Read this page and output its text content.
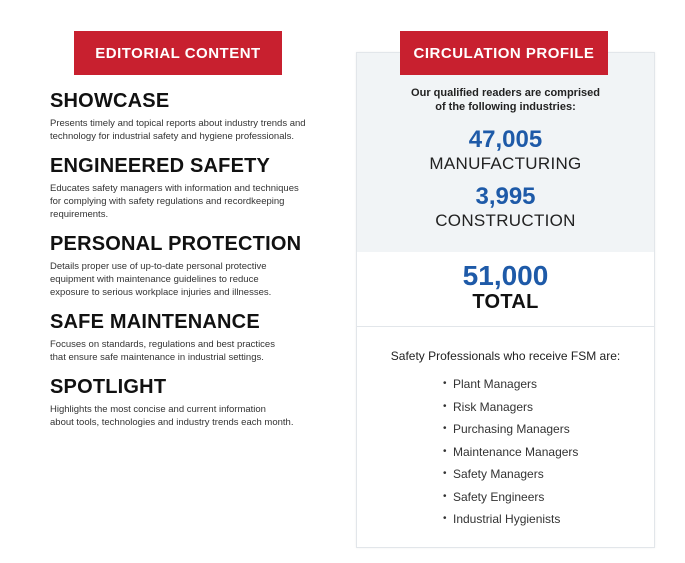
EDITORIAL CONTENT
SHOWCASE

Presents timely and topical reports about industry trends and
technology for industrial safety and hygiene professionals.

ENGINEERED SAFETY

Educates safety managers with information and techniques
for complying with safety regulations and recordkeeping
requirements.

PERSONAL PROTECTION

Details proper use of up-to-date personal protective
equipment with maintenance guidelines to reduce
exposure to serious workplace injuries and illnesses.

SAFE MAINTENANCE

Focuses on standards, regulations and best practices
that ensure safe maintenance in industrial settings.

SPOTLIGHT

Highlights the most concise and current information
about tools, technologies and industry trends each month.

Our qualified readers are comprised
of the following industries:
47,005
MANUFACTURING
3,995
CONSTRUCTION
51,000
TOTAL
Safety Professionals who receive FSM are:
• Plant Managers
• Risk Managers
• Purchasing Managers
• Maintenance Managers
• Safety Managers
• Safety Engineers
• Industrial Hygienists
CIRCULATION PROFILE
